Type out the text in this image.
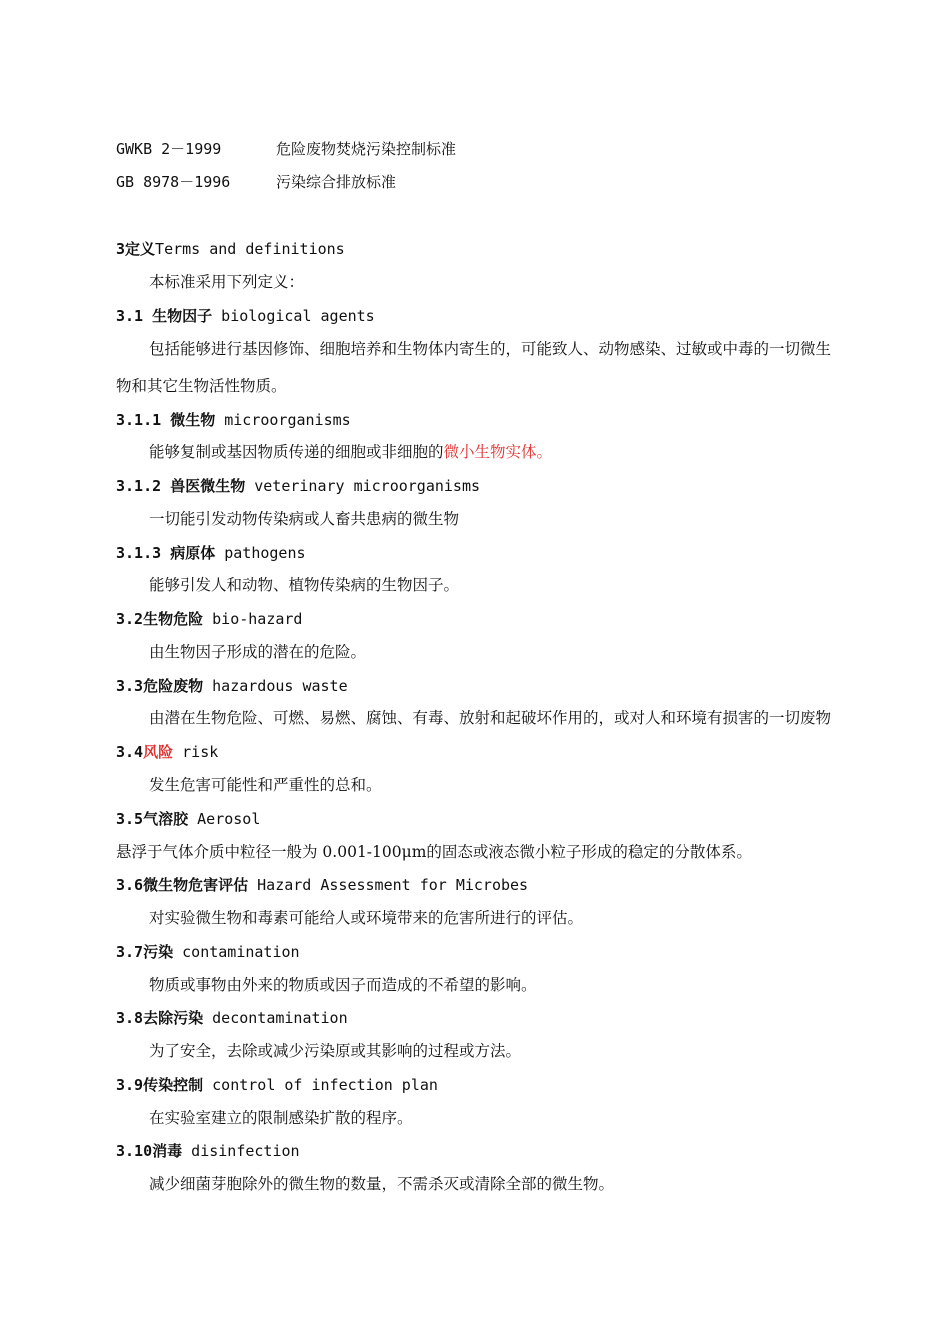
GWKB 2－1999	危险废物焚烧污染控制标准
GB 8978－1996	污染综合排放标准
3定义Terms and definitions
本标准采用下列定义：
3.1 生物因子 biological agents
包括能够进行基因修饰、细胞培养和生物体内寄生的，可能致人、动物感染、过敏或中毒的一切微生
物和其它生物活性物质。
3.1.1 微生物 microorganisms
能够复制或基因物质传递的细胞或非细胞的微小生物实体。
3.1.2 兽医微生物 veterinary microorganisms
一切能引发动物传染病或人畜共患病的微生物
3.1.3 病原体 pathogens
能够引发人和动物、植物传染病的生物因子。
3.2生物危险 bio-hazard
由生物因子形成的潜在的危险。
3.3危险废物 hazardous waste
由潜在生物危险、可燃、易燃、腐蚀、有毒、放射和起破坏作用的，或对人和环境有损害的一切废物
3.4风险 risk
发生危害可能性和严重性的总和。
3.5气溶胶 Aerosol
悬浮于气体介质中粒径一般为 0.001-100μm的固态或液态微小粒子形成的稳定的分散体系。
3.6微生物危害评估 Hazard Assessment for Microbes
对实验微生物和毒素可能给人或环境带来的危害所进行的评估。
3.7污染 contamination
物质或事物由外来的物质或因子而造成的不希望的影响。
3.8去除污染 decontamination
为了安全，去除或减少污染原或其影响的过程或方法。
3.9传染控制 control of infection plan
在实验室建立的限制感染扩散的程序。
3.10消毒 disinfection
减少细菌芽胞除外的微生物的数量，不需杀灭或清除全部的微生物。
